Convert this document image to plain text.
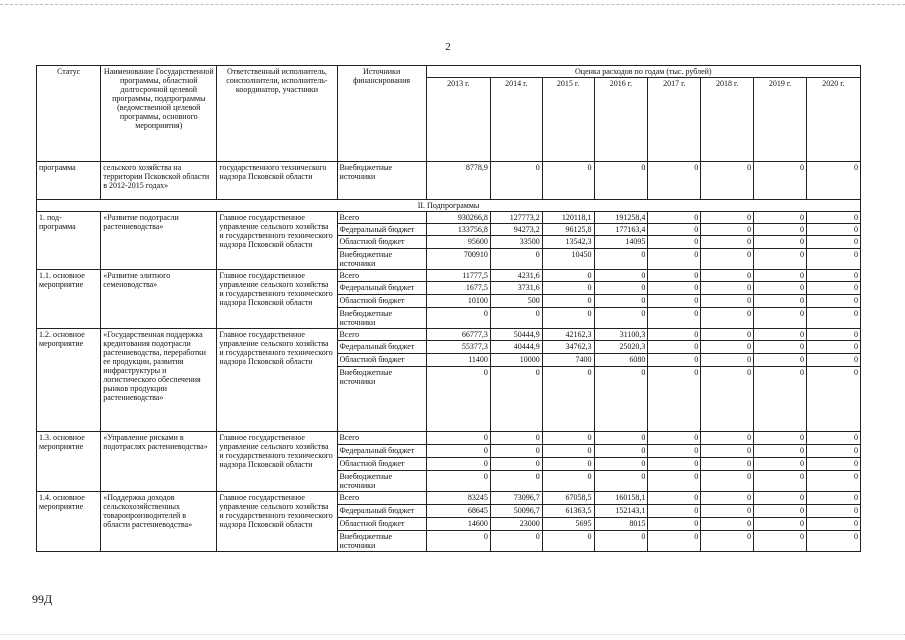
2
Статус	Наименование Государственной программы, областной долгосрочной целевой программы, подпрограммы (ведомственной целевой программы, основного мероприятия)	Ответственный исполнитель, соисполнители, исполнитель-координатор, участники	Источники финансирования	Оценка расходов по годам (тыс. рублей)							
				2013 г.	2014 г.	2015 г.	2016 г.	2017 г.	2018 г.	2019 г.	2020 г.
программа	сельского хозяйства на территории Псковской области в 2012-2015 годах»	государственного технического надзора Псковской области	Внебюджетные источники	8778,9	0	0	0	0	0	0	0
II. Подпрограммы											
1. под-программа	«Развитие подотрасли растениеводства»	Главное государственное управление сельского хозяйства и государственного технического надзора Псковской области	Всего	930266,8	127773,2	120118,1	191258,4	0	0	0	0
			Федеральный бюджет	133756,8	94273,2	96125,8	177163,4	0	0	0	0
			Областной бюджет	95600	33500	13542,3	14095	0	0	0	0
			Внебюджетные источники	700910	0	10450	0	0	0	0	0
1.1. основное мероприятие	«Развитие элитного семеноводства»	Главное государственное управление сельского хозяйства и государственного технического надзора Псковской области	Всего	11777,5	4231,6	0	0	0	0	0	0
			Федеральный бюджет	1677,5	3731,6	0	0	0	0	0	0
			Областной бюджет	10100	500	0	0	0	0	0	0
			Внебюджетные источники	0	0	0	0	0	0	0	0
1.2. основное мероприятие	«Государственная поддержка кредитования подотрасли растениеводства, переработки ее продукции, развития инфраструктуры и логистического обеспечения рынков продукции растениеводства»	Главное государственное управление сельского хозяйства и государственного технического надзора Псковской области	Всего	66777,3	50444,9	42162,3	31100,3	0	0	0	0
			Федеральный бюджет	55377,3	40444,9	34762,3	25020,3	0	0	0	0
			Областной бюджет	11400	10000	7400	6080	0	0	0	0
			Внебюджетные источники	0	0	0	0	0	0	0	0
1.3. основное мероприятие	«Управление рисками в подотраслях растениеводства»	Главное государственное управление сельского хозяйства и государственного технического надзора Псковской области	Всего	0	0	0	0	0	0	0	0
			Федеральный бюджет	0	0	0	0	0	0	0	0
			Областной бюджет	0	0	0	0	0	0	0	0
			Внебюджетные источники	0	0	0	0	0	0	0	0
1.4. основное мероприятие	«Поддержка доходов сельскохозяйственных товаропроизводителей в области растениеводства»	Главное государственное управление сельского хозяйства и государственного технического надзора Псковской области	Всего	83245	73096,7	67058,5	160158,1	0	0	0	0
			Федеральный бюджет	68645	50096,7	61363,5	152143,1	0	0	0	0
			Областной бюджет	14600	23000	5695	8015	0	0	0	0
			Внебюджетные источники	0	0	0	0	0	0	0	0
99Д
